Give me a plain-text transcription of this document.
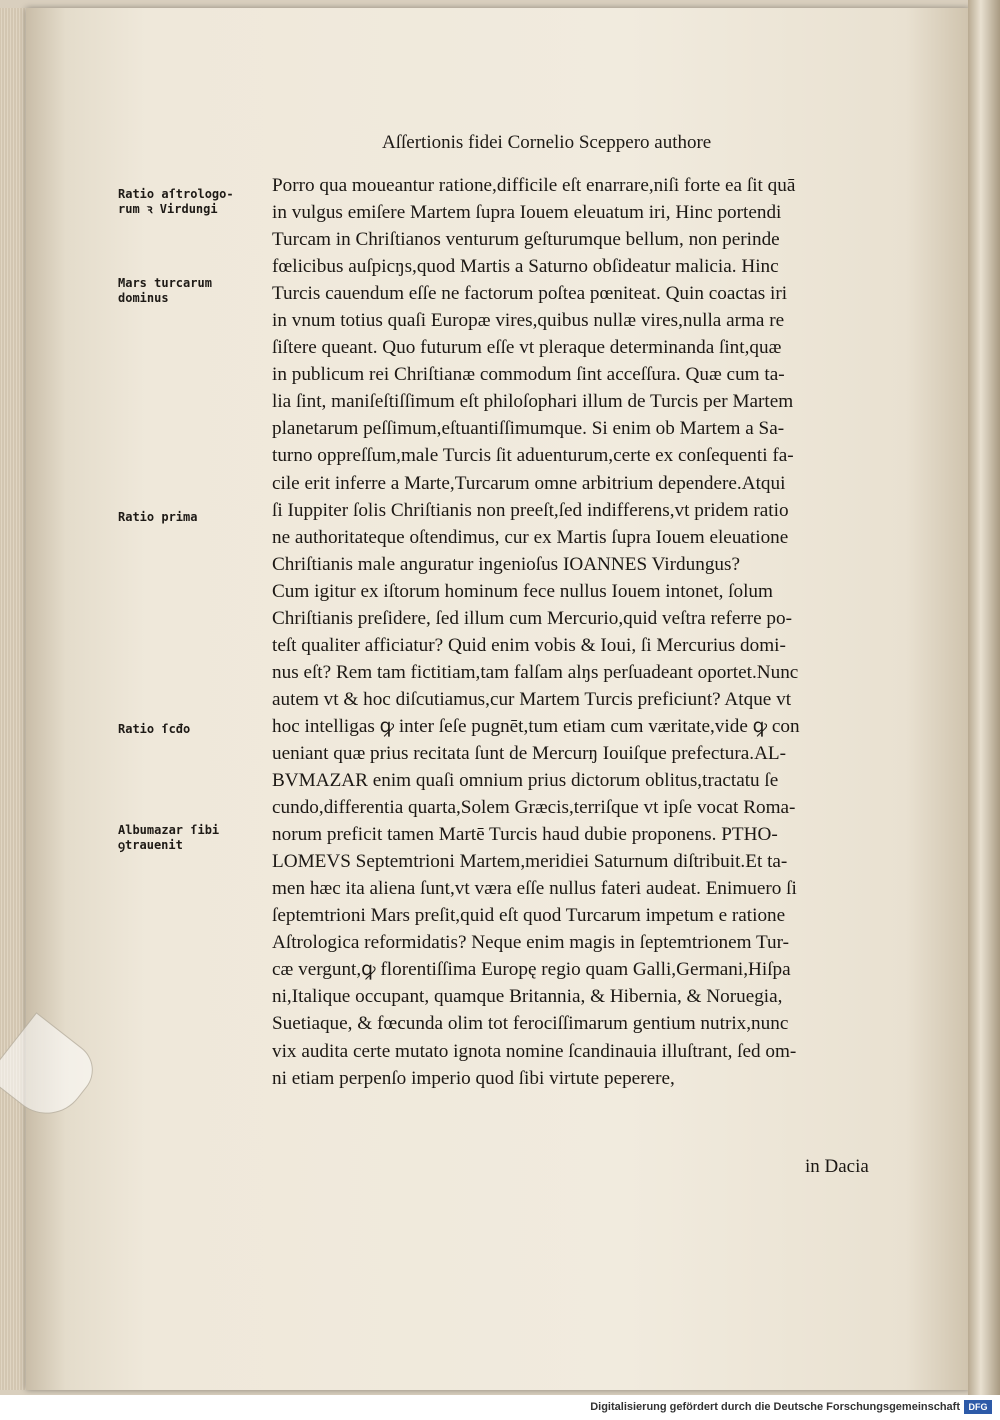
Aſſertionis fidei Cornelio Sceppero authore
Ratio aſtrologo-
rum ꝛ Virdungi
Mars turcarum
dominus
Ratio prima
Ratio ſcđo
Albumazar ſibi
ꝯtrauenit
Porro qua moueantur ratione,difficile eſt enarrare,niſi forte ea ſit quā
in vulgus emiſere Martem ſupra Iouem eleuatum iri, Hinc portendi
Turcam in Chriſtianos venturum geſturumque bellum, non perinde
fœlicibus auſpicŋs,quod Martis a Saturno obſideatur malicia. Hinc
Turcis cauendum eſſe ne factorum poſtea pœniteat. Quin coactas iri
in vnum totius quaſi Europæ vires,quibus nullæ vires,nulla arma re
ſiſtere queant. Quo futurum eſſe vt pleraque determinanda ſint,quæ
in publicum rei Chriſtianæ commodum ſint acceſſura. Quæ cum ta-
lia ſint, maniſeſtiſſimum eſt philoſophari illum de Turcis per Martem
planetarum peſſimum,eſtuantiſſimumque. Si enim ob Martem a Sa-
turno oppreſſum,male Turcis ſit aduenturum,certe ex conſequenti fa-
cile erit inferre a Marte,Turcarum omne arbitrium dependere.Atqui
ſi Iuppiter ſolis Chriſtianis non preeſt,ſed indifferens,vt pridem ratio
ne authoritateque oſtendimus, cur ex Martis ſupra Iouem eleuatione
Chriſtianis male anguratur ingenioſus IOANNES Virdungus?
Cum igitur ex iſtorum hominum fece nullus Iouem intonet, ſolum
Chriſtianis preſidere, ſed illum cum Mercurio,quid veſtra referre po-
teſt qualiter afficiatur? Quid enim vobis & Ioui, ſi Mercurius domi-
nus eſt? Rem tam fictitiam,tam falſam alŋs perſuadeant oportet.Nunc
autem vt & hoc diſcutiamus,cur Martem Turcis preficiunt? Atque vt
hoc intelligas ꝙ inter ſeſe pugnēt,tum etiam cum væritate,vide ꝙ con
ueniant quæ prius recitata ſunt de Mercurŋ Iouiſque prefectura.AL-
BVMAZAR enim quaſi omnium prius dictorum oblitus,tractatu ſe
cundo,differentia quarta,Solem Græcis,terriſque vt ipſe vocat Roma-
norum preficit tamen Martē Turcis haud dubie proponens. PTHO-
LOMEVS Septemtrioni Martem,meridiei Saturnum diſtribuit.Et ta-
men hæc ita aliena ſunt,vt væra eſſe nullus fateri audeat. Enimuero ſi
ſeptemtrioni Mars preſit,quid eſt quod Turcarum impetum e ratione
Aſtrologica reformidatis? Neque enim magis in ſeptemtrionem Tur-
cæ vergunt,ꝙ florentiſſima Europę regio quam Galli,Germani,Hiſpa
ni,Italique occupant, quamque Britannia, & Hibernia, & Noruegia,
Suetiaque, & fœcunda olim tot ferociſſimarum gentium nutrix,nunc
vix audita certe mutato ignota nomine ſcandinauia illuſtrant, ſed om-
ni etiam perpenſo imperio quod ſibi virtute peperere,
in Dacia
Digitalisierung gefördert durch die Deutsche Forschungsgemeinschaft DFG
